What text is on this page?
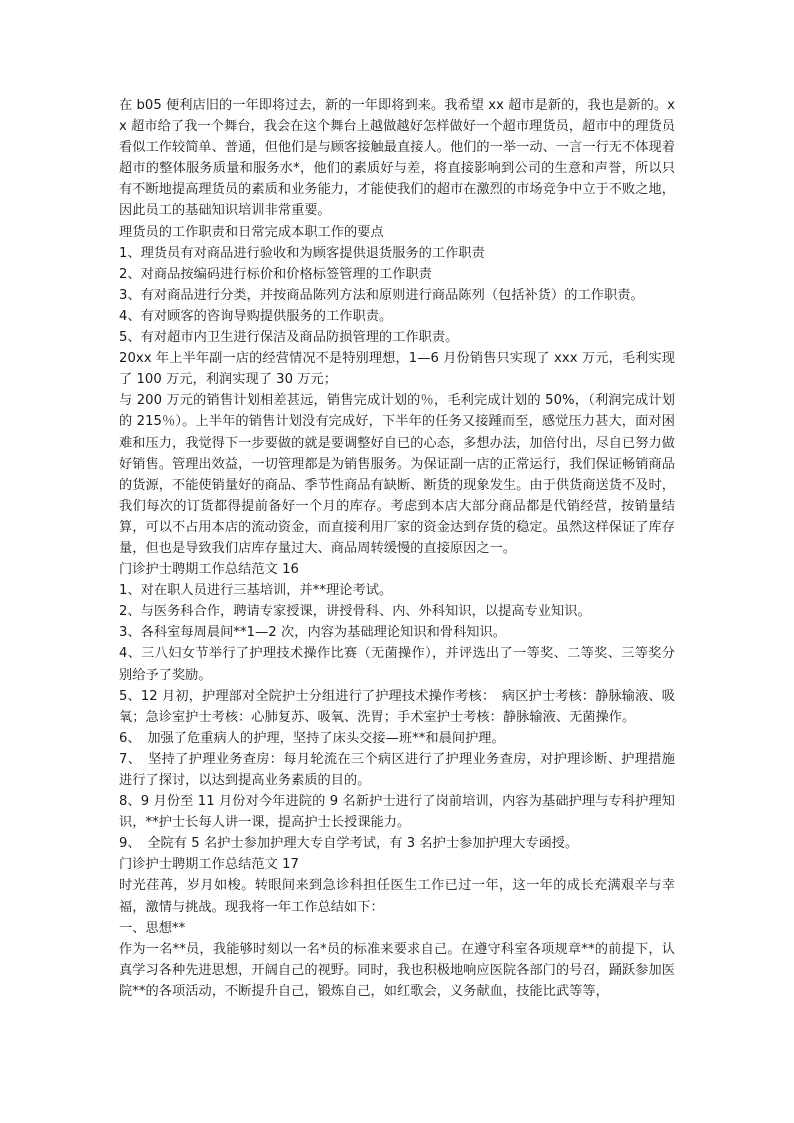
在 b05 便利店旧的一年即将过去，新的一年即将到来。我希望 xx 超市是新的，我也是新的。xx 超市给了我一个舞台，我会在这个舞台上越做越好怎样做好一个超市理货员，超市中的理货员看似工作较简单、普通，但他们是与顾客接触最直接人。他们的一举一动、一言一行无不体现着超市的整体服务质量和服务水*，他们的素质好与差，将直接影响到公司的生意和声誉，所以只有不断地提高理货员的素质和业务能力，才能使我们的超市在激烈的市场竞争中立于不败之地，因此员工的基础知识培训非常重要。

理货员的工作职责和日常完成本职工作的要点

1、理货员有对商品进行验收和为顾客提供退货服务的工作职责

2、对商品按编码进行标价和价格标签管理的工作职责

3、有对商品进行分类，并按商品陈列方法和原则进行商品陈列（包括补货）的工作职责。

4、有对顾客的咨询导购提供服务的工作职责。

5、有对超市内卫生进行保洁及商品防损管理的工作职责。

20xx 年上半年副一店的经营情况不是特别理想，1—6 月份销售只实现了 xxx 万元，毛利实现了 100 万元，利润实现了 30 万元；

与 200 万元的销售计划相差甚远，销售完成计划的％，毛利完成计划的 50%，（利润完成计划的 215％）。上半年的销售计划没有完成好，下半年的任务又接踵而至，感觉压力甚大，面对困难和压力，我觉得下一步要做的就是要调整好自已的心态，多想办法，加倍付出，尽自已努力做好销售。管理出效益，一切管理都是为销售服务。为保证副一店的正常运行，我们保证畅销商品的货源，不能使销量好的商品、季节性商品有缺断、断货的现象发生。由于供货商送货不及时，我们每次的订货都得提前备好一个月的库存。考虑到本店大部分商品都是代销经营，按销量结算，可以不占用本店的流动资金，而直接利用厂家的资金达到存货的稳定。虽然这样保证了库存量，但也是导致我们店库存量过大、商品周转缓慢的直接原因之一。

门诊护士聘期工作总结范文 16

1、对在职人员进行三基培训，并**理论考试。

2、与医务科合作，聘请专家授课，讲授骨科、内、外科知识，以提高专业知识。

3、各科室每周晨间**1—2 次，内容为基础理论知识和骨科知识。

4、三八妇女节举行了护理技术操作比赛（无菌操作），并评选出了一等奖、二等奖、三等奖分别给予了奖励。

5、12 月初，护理部对全院护士分组进行了护理技术操作考核：　病区护士考核：静脉输液、吸氧；急诊室护士考核：心肺复苏、吸氧、洗胃；手术室护士考核：静脉输液、无菌操作。

6、　加强了危重病人的护理，坚持了床头交接—班**和晨间护理。

7、　坚持了护理业务查房：每月轮流在三个病区进行了护理业务查房，对护理诊断、护理措施进行了探讨，以达到提高业务素质的目的。

8、9 月份至 11 月份对今年进院的 9 名新护士进行了岗前培训，内容为基础护理与专科护理知识，**护士长每人讲一课，提高护士长授课能力。

9、　全院有 5 名护士参加护理大专自学考试，有 3 名护士参加护理大专函授。

门诊护士聘期工作总结范文 17

时光荏苒，岁月如梭。转眼间来到急诊科担任医生工作已过一年，这一年的成长充满艰辛与幸福，激情与挑战。现我将一年工作总结如下：

一、思想**

作为一名**员，我能够时刻以一名*员的标准来要求自己。在遵守科室各项规章**的前提下，认真学习各种先进思想，开阔自己的视野。同时，我也积极地响应医院各部门的号召，踊跃参加医院**的各项活动，不断提升自己，锻炼自己，如红歌会，义务献血，技能比武等等，
